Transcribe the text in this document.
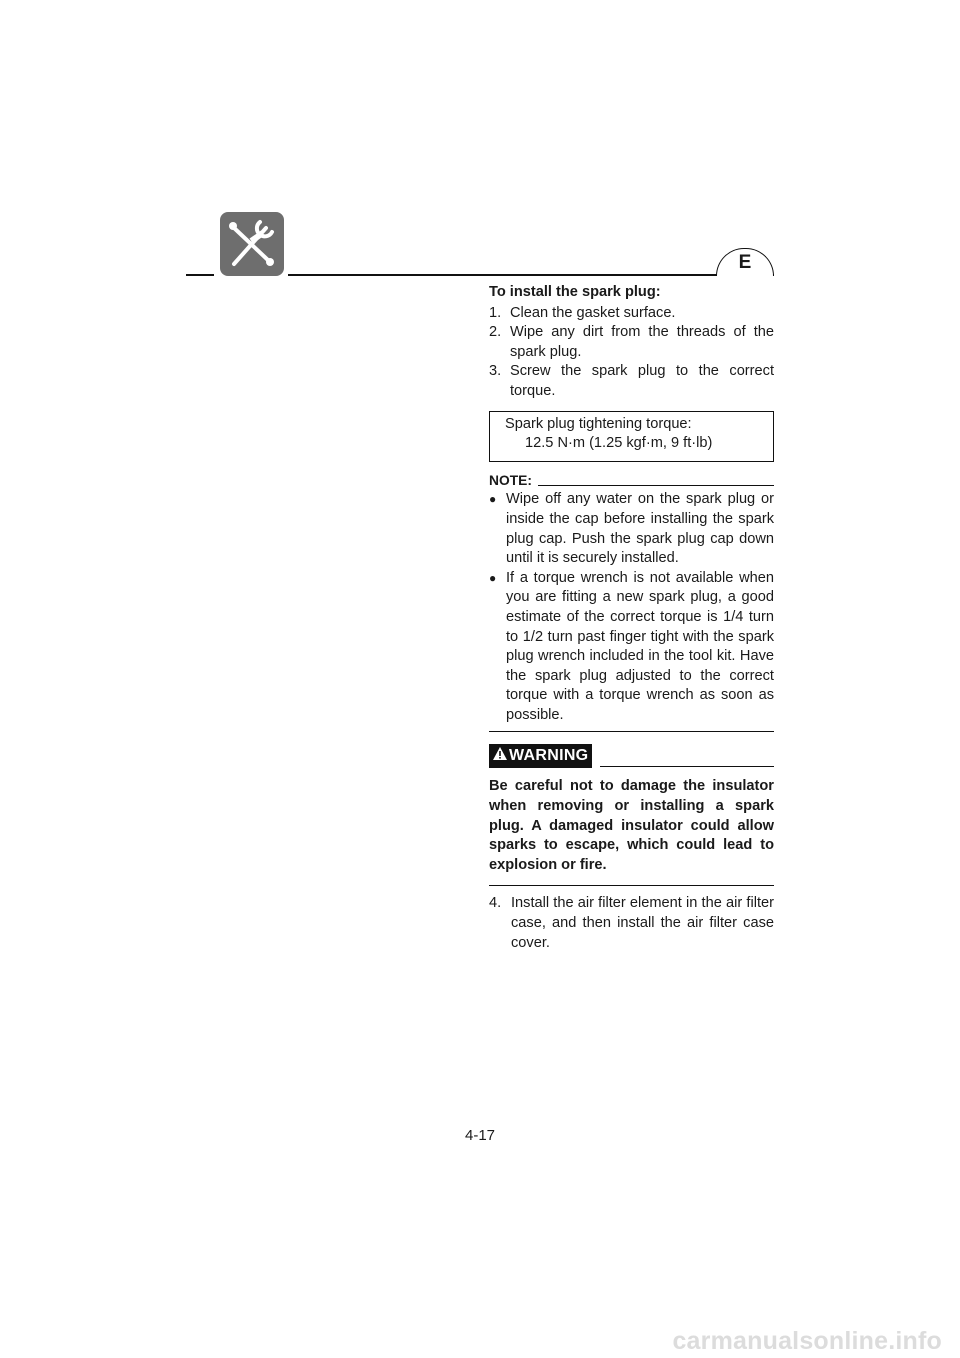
E

To install the spark plug:

1. Clean the gasket surface.
2. Wipe any dirt from the threads of the spark plug.
3. Screw the spark plug to the correct torque.
Spark plug tightening torque:
12.5 N·m (1.25 kgf·m, 9 ft·lb)
NOTE:
● Wipe off any water on the spark plug or inside the cap before installing the spark plug cap. Push the spark plug cap down until it is securely installed.
● If a torque wrench is not available when you are fitting a new spark plug, a good estimate of the correct torque is 1/4 turn to 1/2 turn past finger tight with the spark plug wrench included in the tool kit. Have the spark plug adjusted to the correct torque with a torque wrench as soon as possible.
WARNING

Be careful not to damage the insulator when removing or installing a spark plug. A damaged insulator could allow sparks to escape, which could lead to explosion or fire.

4. Install the air filter element in the air filter case, and then install the air filter case cover.
4-17
carmanualsonline.info
